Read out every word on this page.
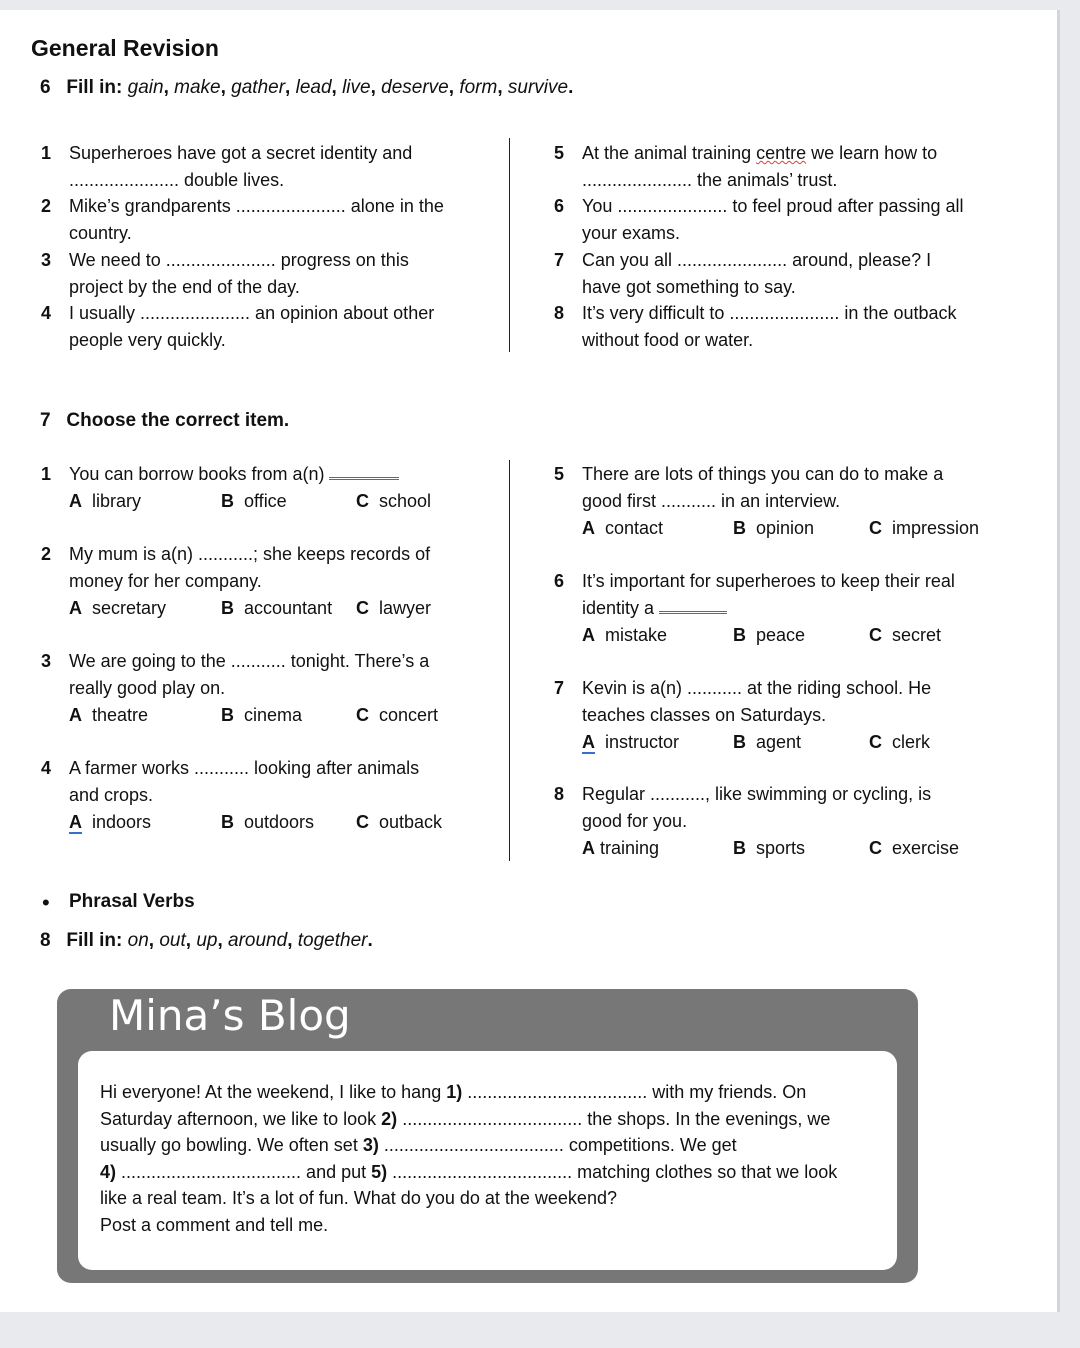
General Revision
6 Fill in: gain, make, gather, lead, live, deserve, form, survive.
1 Superheroes have got a secret identity and
...................... double lives.
2 Mike’s grandparents ...................... alone in the
country.
3 We need to ...................... progress on this
project by the end of the day.
4 I usually ...................... an opinion about other
people very quickly.
5 At the animal training centre we learn how to
...................... the animals’ trust.
6 You ...................... to feel proud after passing all
your exams.
7 Can you all ...................... around, please? I
have got something to say.
8 It’s very difficult to ...................... in the outback
without food or water.
7 Choose the correct item.
1 You can borrow books from a(n)
A library	B office	C school
2 My mum is a(n) ...........; she keeps records of
money for her company.
A secretary	B accountant C lawyer
3 We are going to the ........... tonight. There’s a
really good play on.
A theatre	B cinema	C concert
4 A farmer works ........... looking after animals
and crops.
A indoors	B outdoors C outback
5 There are lots of things you can do to make a
good first ........... in an interview.
A contact	B opinion	C impression
6 It’s important for superheroes to keep their real
identity a
A mistake	B peace	C secret
7 Kevin is a(n) ........... at the riding school. He
teaches classes on Saturdays.
A instructor	B agent	C clerk
8 Regular ..........., like swimming or cycling, is
good for you.
A training	B sports	C exercise
• Phrasal Verbs
8 Fill in: on, out, up, around, together.
Mina’s Blog
Hi everyone! At the weekend, I like to hang 1) .................................... with my friends. On
Saturday afternoon, we like to look 2) .................................... the shops. In the evenings, we
usually go bowling. We often set 3) .................................... competitions. We get
4) .................................... and put 5) .................................... matching clothes so that we look
like a real team. It’s a lot of fun. What do you do at the weekend?
Post a comment and tell me.
